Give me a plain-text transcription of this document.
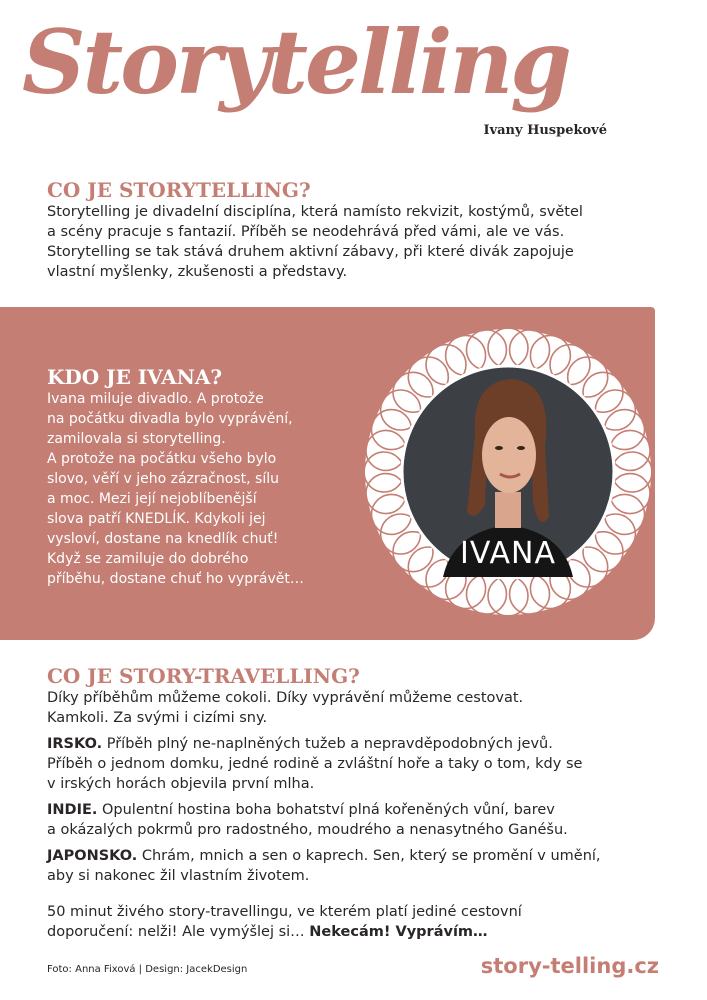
Storytelling
Ivany Huspekové
CO JE STORYTELLING?
Storytelling je divadelní disciplína, která namísto rekvizit, kostýmů, světel
a scény pracuje s fantazií. Příběh se neodehrává před vámi, ale ve vás.
Storytelling se tak stává druhem aktivní zábavy, při které divák zapojuje
vlastní myšlenky, zkušenosti a představy.
KDO JE IVANA?
Ivana miluje divadlo. A protože
na počátku divadla bylo vyprávění,
zamilovala si storytelling.
A protože na počátku všeho bylo
slovo, věří v jeho zázračnost, sílu
a moc. Mezi její nejoblíbenější
slova patří KNEDLÍK. Kdykoli jej
vysloví, dostane na knedlík chuť!
Když se zamiluje do dobrého
příběhu, dostane chuť ho vyprávět…
IVANA
CO JE STORY-TRAVELLING?
Díky příběhům můžeme cokoli. Díky vyprávění můžeme cestovat.
Kamkoli. Za svými i cizími sny.
IRSKO. Příběh plný ne-naplněných tužeb a nepravděpodobných jevů.
Příběh o jednom domku, jedné rodině a zvláštní hoře a taky o tom, kdy se
v irských horách objevila první mlha.
INDIE. Opulentní hostina boha bohatství plná kořeněných vůní, barev
a okázalých pokrmů pro radostného, moudrého a nenasytného Ganéšu.
JAPONSKO. Chrám, mnich a sen o kaprech. Sen, který se promění v umění,
aby si nakonec žil vlastním životem.
50 minut živého story-travellingu, ve kterém platí jediné cestovní
doporučení: nelži! Ale vymýšlej si… Nekecám! Vyprávím…
Foto: Anna Fixová | Design: JacekDesign	story-telling.cz
